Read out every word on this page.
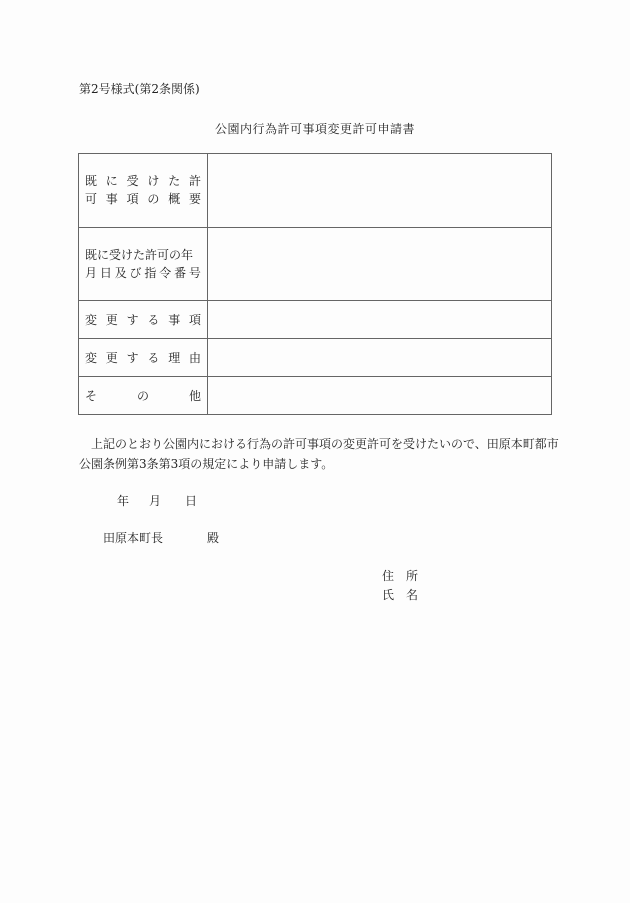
第2号様式(第2条関係)
公園内行為許可事項変更許可申請書
既 に 受 け た 許
可 事 項 の 概 要

既に受けた許可の年
月 日 及 び 指 令 番 号

変 更 す る 事 項

変 更 す る 理 由

そ の 他	

上記のとおり公園内における行為の許可事項の変更許可を受けたいので、田原本町都市
公園条例第3条第3項の規定により申請します。
年 月 日
田原本町長	殿
住 所
氏 名
